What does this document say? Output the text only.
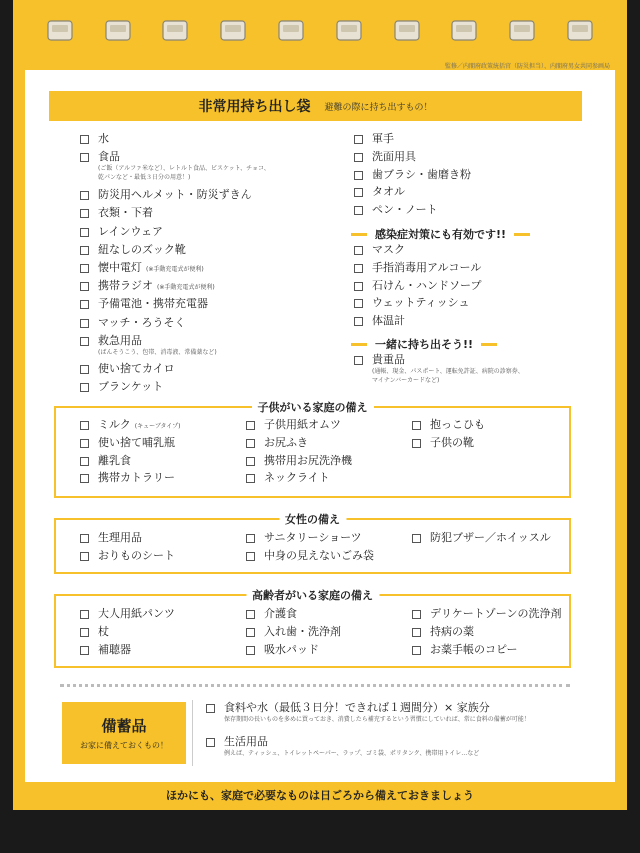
監修／内閣府政策統括官（防災担当）、内閣府男女共同参画局
非常用持ち出し袋 避難の際に持ち出すもの！
水
食品
(ご飯（アルファ米など）、レトルト食品、ビスケット、チョコ、
乾パンなど・最低３日分の用意！)
防災用ヘルメット・防災ずきん
衣類・下着
レインウェア
紐なしのズック靴
懐中電灯 (※手動充電式が便利)
携帯ラジオ (※手動充電式が便利)
予備電池・携帯充電器
マッチ・ろうそく
救急用品
(ばんそうこう、包帯、消毒液、常備薬など)
使い捨てカイロ
ブランケット
軍手
洗面用具
歯ブラシ・歯磨き粉
タオル
ペン・ノート
マスク
手指消毒用アルコール
石けん・ハンドソープ
ウェットティッシュ
体温計
貴重品
(通帳、現金、パスポート、運転免許証、病院の診察券、
マイナンバーカードなど)
感染症対策にも有効です!!
一緒に持ち出そう!!
子供がいる家庭の備え
女性の備え
高齢者がいる家庭の備え
ミルク (キューブタイプ)	子供用紙オムツ	抱っこひも
使い捨て哺乳瓶	お尻ふき	子供の靴
離乳食	携帯用お尻洗浄機
携帯カトラリー	ネックライト
生理用品	サニタリーショーツ	防犯ブザー／ホイッスル
おりものシート	中身の見えないごみ袋
大人用紙パンツ	介護食	デリケートゾーンの洗浄剤
杖	入れ歯・洗浄剤	持病の薬
補聴器	吸水パッド	お薬手帳のコピー
備蓄品
お家に備えておくもの！
食料や水（最低３日分！できれば１週間分）× 家族分
保存期間の長いものを多めに買っておき、消費したら補充するという習慣にしていれば、常に食料の備蓄が可能！
生活用品
例えば、ティッシュ、トイレットペーパー、ラップ、ゴミ袋、ポリタンク、携帯用トイレ…など
ほかにも、家庭で必要なものは日ごろから備えておきましょう
